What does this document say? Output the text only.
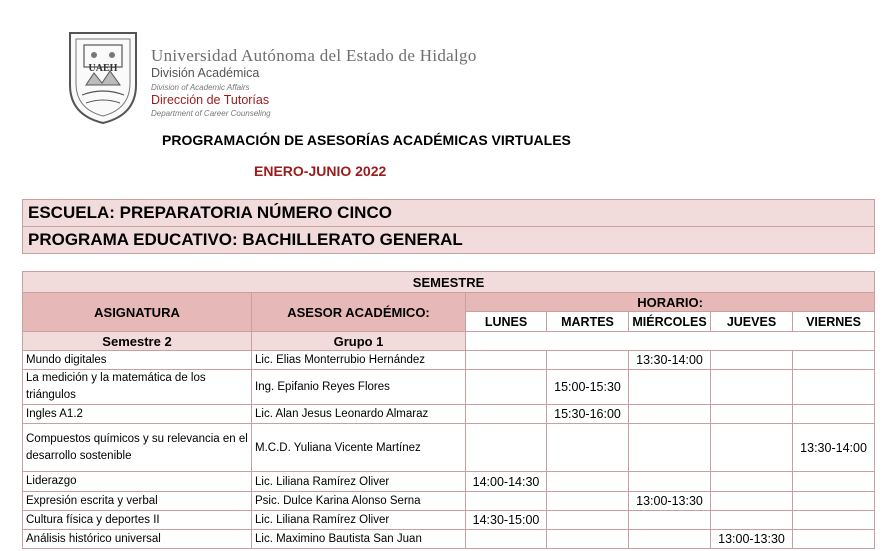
UAEH
Universidad Autónoma del Estado de Hidalgo
División Académica
Division of Academic Affairs
Dirección de Tutorías
Department of Career Counseling
PROGRAMACIÓN DE ASESORÍAS ACADÉMICAS VIRTUALES
ENERO-JUNIO 2022
ESCUELA: PREPARATORIA NÚMERO CINCO
PROGRAMA EDUCATIVO: BACHILLERATO GENERAL
SEMESTRE						
ASIGNATURA	ASESOR ACADÉMICO:	HORARIO:				
		LUNES	MARTES	MIÉRCOLES	JUEVES	VIERNES
Semestre 2	Grupo 1					
Mundo digitales	Lic. Elias Monterrubio Hernández			13:30-14:00		
La medición y la matemática de los triángulos	Ing. Epifanio Reyes Flores		15:00-15:30			
Ingles A1.2	Lic. Alan Jesus Leonardo Almaraz		15:30-16:00			
Compuestos químicos y su relevancia en el desarrollo sostenible	M.C.D. Yuliana Vicente Martínez					13:30-14:00
Liderazgo	Lic. Liliana Ramírez Oliver	14:00-14:30				
Expresión escrita y verbal	Psic. Dulce Karina Alonso Serna			13:00-13:30		
Cultura física y deportes II	Lic. Liliana Ramírez Oliver	14:30-15:00				
Análisis histórico universal	Lic. Maximino Bautista San Juan				13:00-13:30	
